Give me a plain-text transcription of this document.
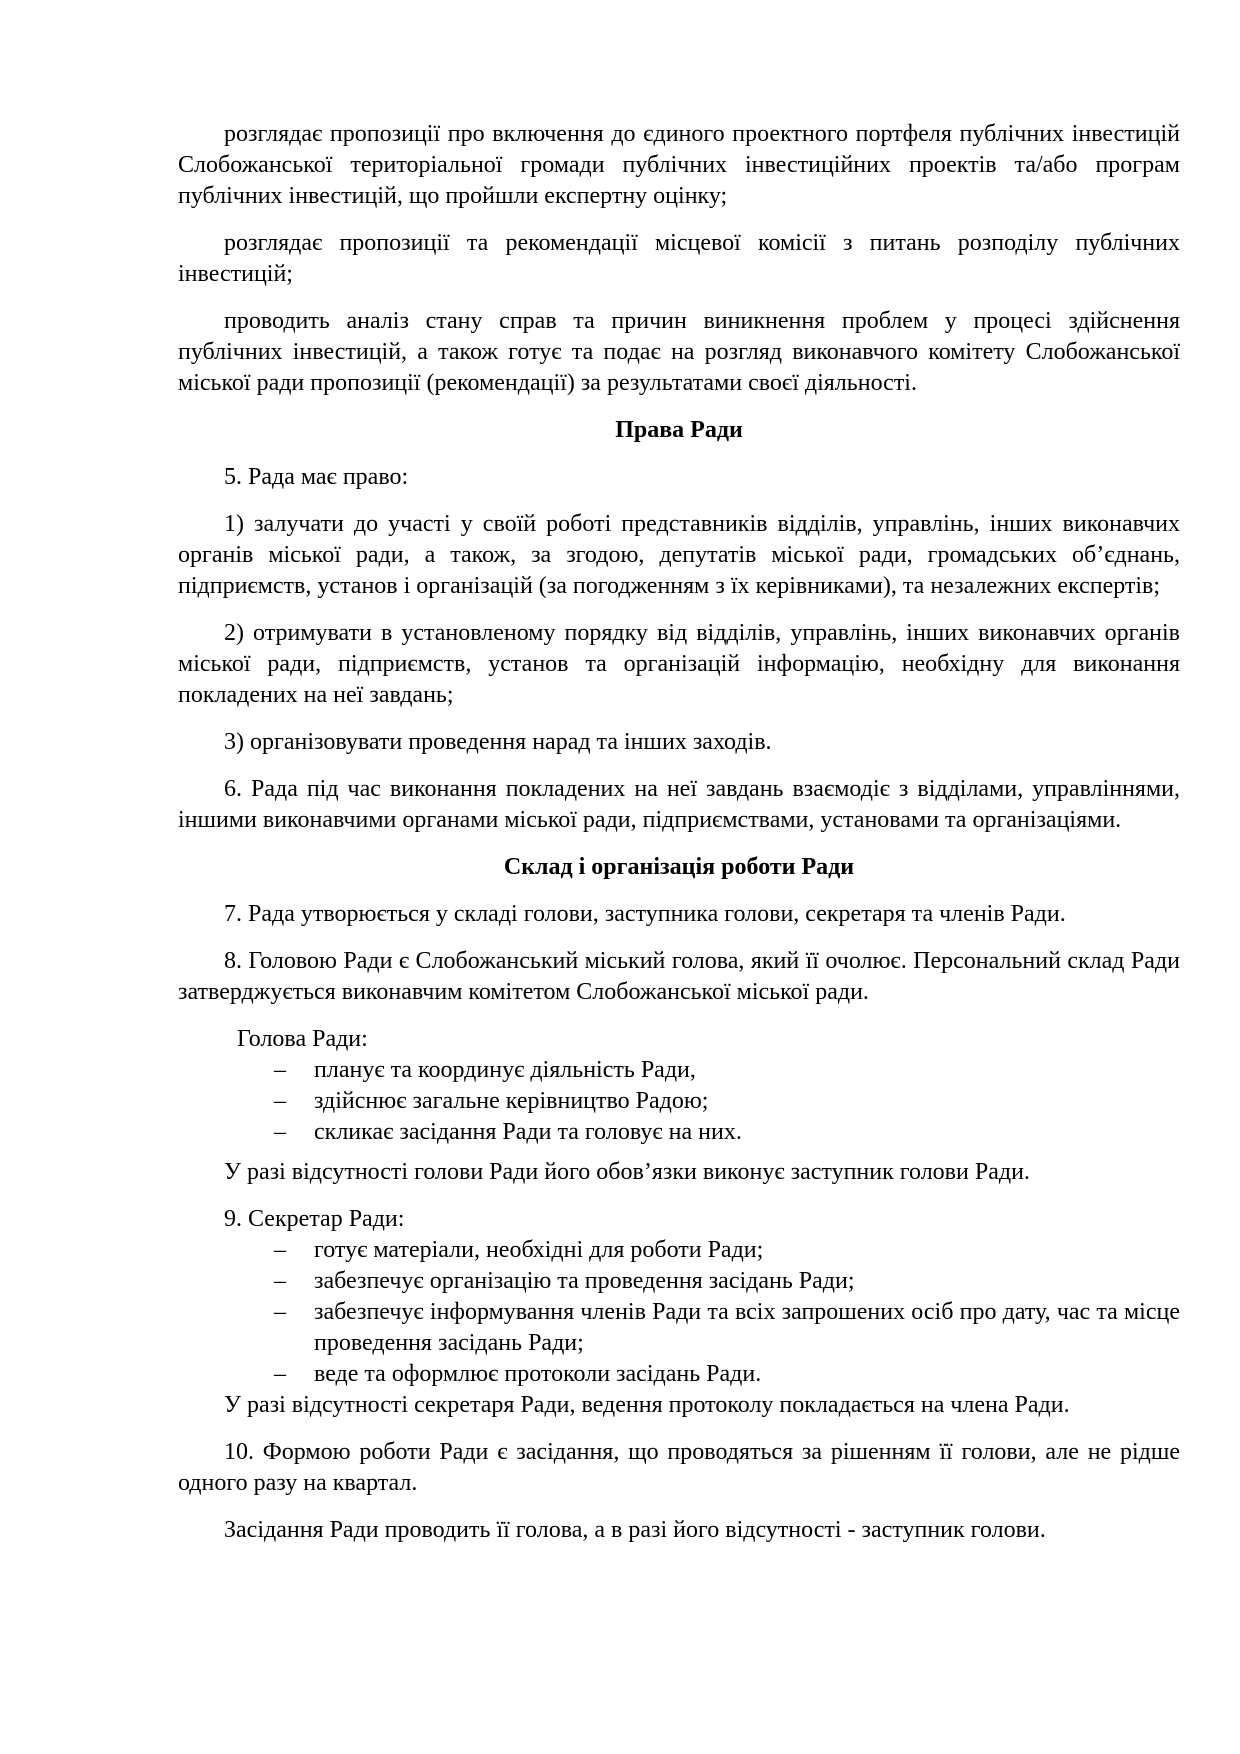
розглядає пропозиції про включення до єдиного проектного портфеля публічних інвестицій Слобожанської територіальної громади публічних інвестиційних проектів та/або програм публічних інвестицій, що пройшли експертну оцінку;

розглядає пропозиції та рекомендації місцевої комісії з питань розподілу публічних інвестицій;

проводить аналіз стану справ та причин виникнення проблем у процесі здійснення публічних інвестицій, а також готує та подає на розгляд виконавчого комітету Слобожанської міської ради пропозиції (рекомендації) за результатами своєї діяльності.

Права Ради

5. Рада має право:

1) залучати до участі у своїй роботі представників відділів, управлінь, інших виконавчих органів міської ради, а також, за згодою, депутатів міської ради, громадських об’єднань, підприємств, установ і організацій (за погодженням з їх керівниками), та незалежних експертів;

2) отримувати в установленому порядку від відділів, управлінь, інших виконавчих органів міської ради, підприємств, установ та організацій інформацію, необхідну для виконання покладених на неї завдань;

3) організовувати проведення нарад та інших заходів.

6. Рада під час виконання покладених на неї завдань взаємодіє з відділами, управліннями, іншими виконавчими органами міської ради, підприємствами, установами та організаціями.

Склад і організація роботи Ради

7. Рада утворюється у складі голови, заступника голови, секретаря та членів Ради.

8. Головою Ради є Слобожанський міський голова, який її очолює. Персональний склад Ради затверджується виконавчим комітетом Слобожанської міської ради.

Голова Ради:

– планує та координує діяльність Ради,
– здійснює загальне керівництво Радою;
– скликає засідання Ради та головує на них.

У разі відсутності голови Ради його обов’язки виконує заступник голови Ради.

9. Секретар Ради:

– готує матеріали, необхідні для роботи Ради;
– забезпечує організацію та проведення засідань Ради;
– забезпечує інформування членів Ради та всіх запрошених осіб про дату, час та місце проведення засідань Ради;
– веде та оформлює протоколи засідань Ради.

У разі відсутності секретаря Ради, ведення протоколу покладається на члена Ради.

10. Формою роботи Ради є засідання, що проводяться за рішенням її голови, але не рідше одного разу на квартал.

Засідання Ради проводить її голова, а в разі його відсутності - заступник голови.
